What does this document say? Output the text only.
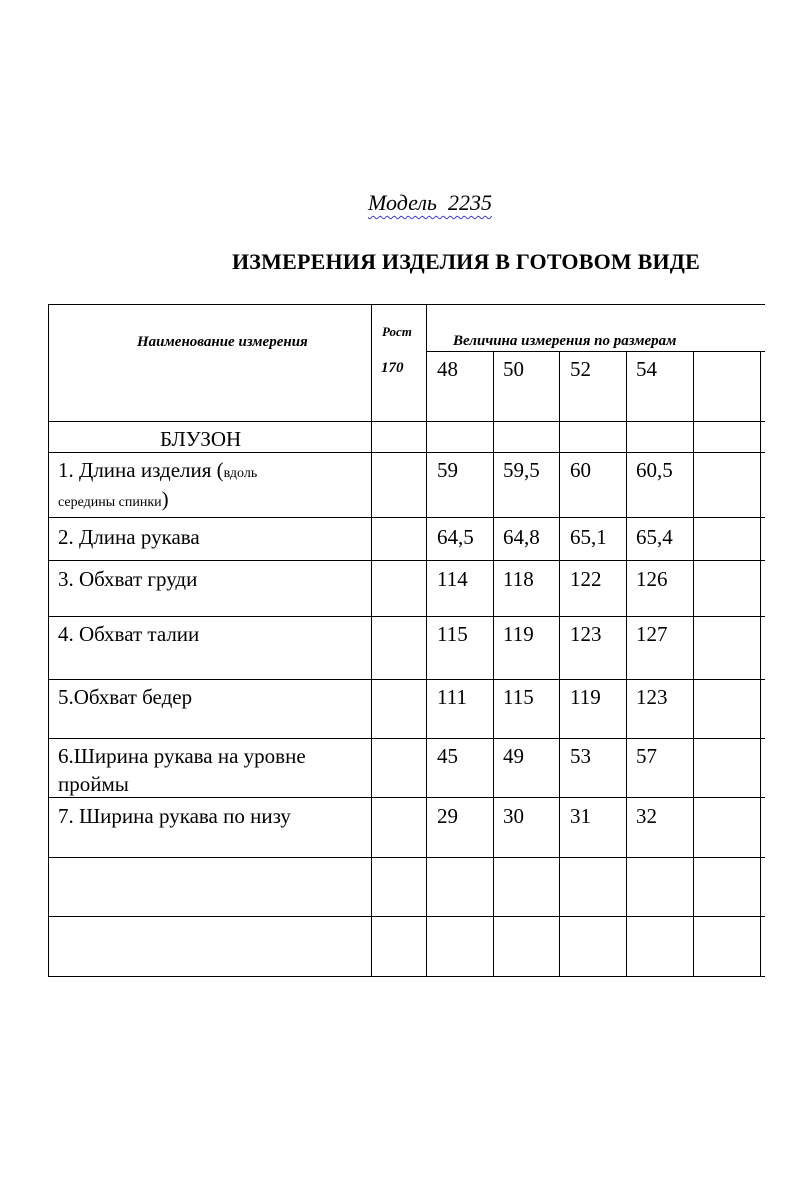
Модель  2235
ИЗМЕРЕНИЯ ИЗДЕЛИЯ В ГОТОВОМ ВИДЕ
Наименование измерения
Рост
170
Величина измерения по размерам
48 50 52 54
БЛУЗОН
1. Длина изделия (вдоль
середины спинки)
59 59,5 60 60,5
2. Длина рукава	64,5 64,8 65,1 65,4
3. Обхват груди	114 118 122 126
4. Обхват талии	115 119 123 127
5.Обхват бедер	111 115 119 123
6.Ширина рукава на уровне
проймы
45 49 53 57
7. Ширина рукава по низу	29 30 31 32
